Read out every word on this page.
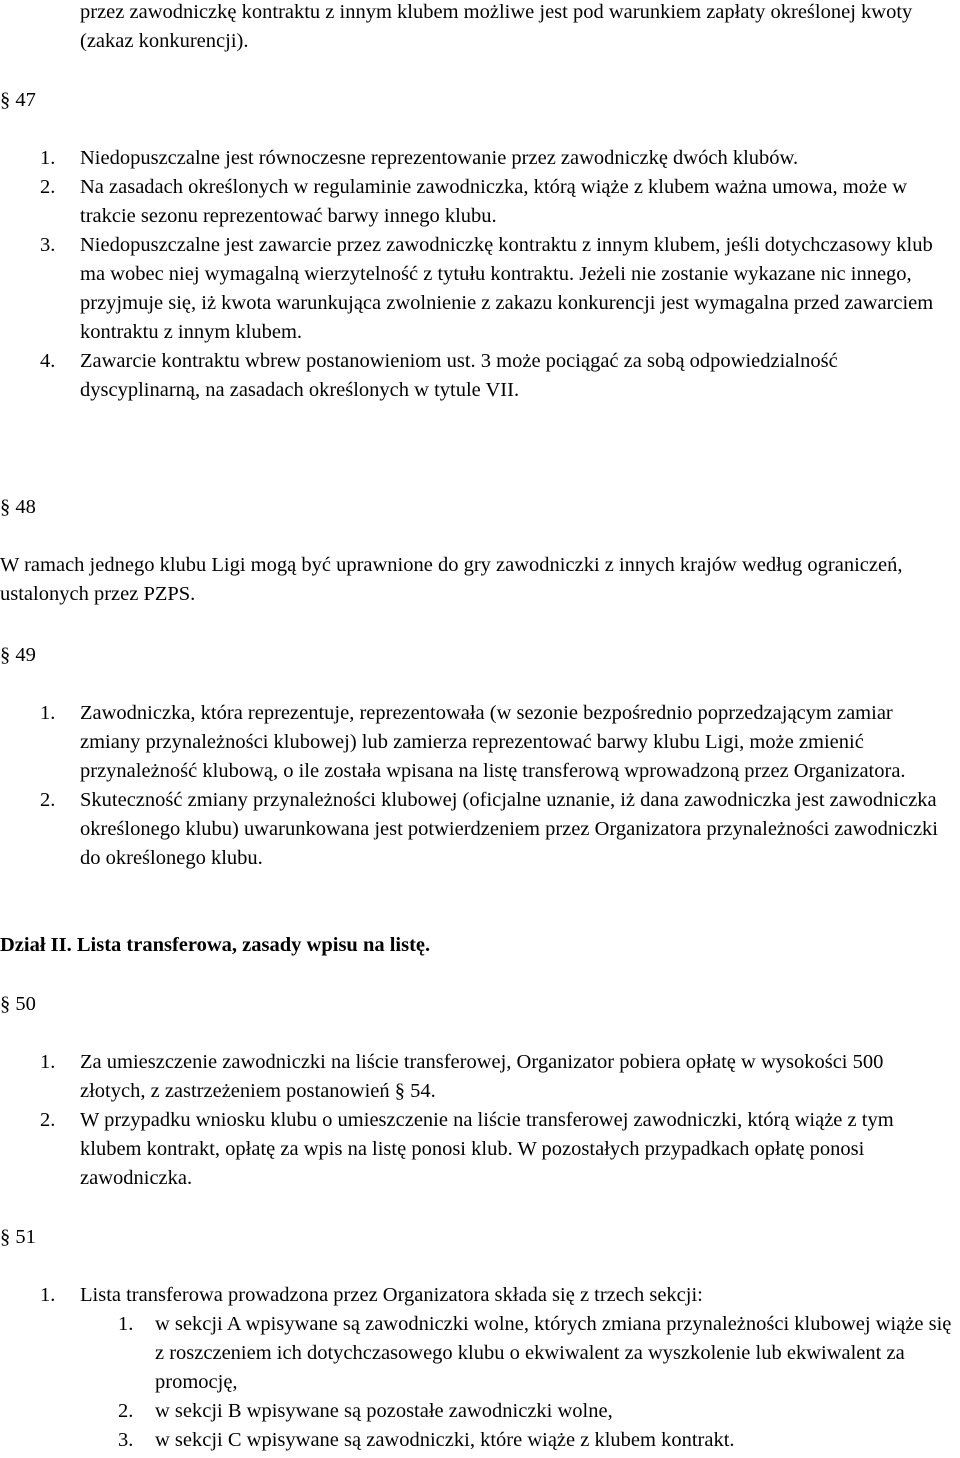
przez zawodniczkę kontraktu z innym klubem możliwe jest pod warunkiem zapłaty określonej kwoty (zakaz konkurencji).

§ 47
1. Niedopuszczalne jest równoczesne reprezentowanie przez zawodniczkę dwóch klubów.
2. Na zasadach określonych w regulaminie zawodniczka, którą wiąże z klubem ważna umowa, może w trakcie sezonu reprezentować barwy innego klubu.
3. Niedopuszczalne jest zawarcie przez zawodniczkę kontraktu z innym klubem, jeśli dotychczasowy klub ma wobec niej wymagalną wierzytelność z tytułu kontraktu. Jeżeli nie zostanie wykazane nic innego, przyjmuje się, iż kwota warunkująca zwolnienie z zakazu konkurencji jest wymagalna przed zawarciem kontraktu z innym klubem.
4. Zawarcie kontraktu wbrew postanowieniom ust. 3 może pociągać za sobą odpowiedzialność dyscyplinarną, na zasadach określonych w tytule VII.
§ 48

W ramach jednego klubu Ligi mogą być uprawnione do gry zawodniczki z innych krajów według ograniczeń, ustalonych przez PZPS.

§ 49
1. Zawodniczka, która reprezentuje, reprezentowała (w sezonie bezpośrednio poprzedzającym zamiar zmiany przynależności klubowej) lub zamierza reprezentować barwy klubu Ligi, może zmienić przynależność klubową, o ile została wpisana na listę transferową wprowadzoną przez Organizatora.
2. Skuteczność zmiany przynależności klubowej (oficjalne uznanie, iż dana zawodniczka jest zawodniczka określonego klubu) uwarunkowana jest potwierdzeniem przez Organizatora przynależności zawodniczki do określonego klubu.
Dział II. Lista transferowa, zasady wpisu na listę.
§ 50
1. Za umieszczenie zawodniczki na liście transferowej, Organizator pobiera opłatę w wysokości 500 złotych, z zastrzeżeniem postanowień § 54.
2. W przypadku wniosku klubu o umieszczenie na liście transferowej zawodniczki, którą wiąże z tym klubem kontrakt, opłatę za wpis na listę ponosi klub. W pozostałych przypadkach opłatę ponosi zawodniczka.
§ 51
1. Lista transferowa prowadzona przez Organizatora składa się z trzech sekcji:
1. w sekcji A wpisywane są zawodniczki wolne, których zmiana przynależności klubowej wiąże się z roszczeniem ich dotychczasowego klubu o ekwiwalent za wyszkolenie lub ekwiwalent za promocję,
2. w sekcji B wpisywane są pozostałe zawodniczki wolne,
3. w sekcji C wpisywane są zawodniczki, które wiąże z klubem kontrakt.
